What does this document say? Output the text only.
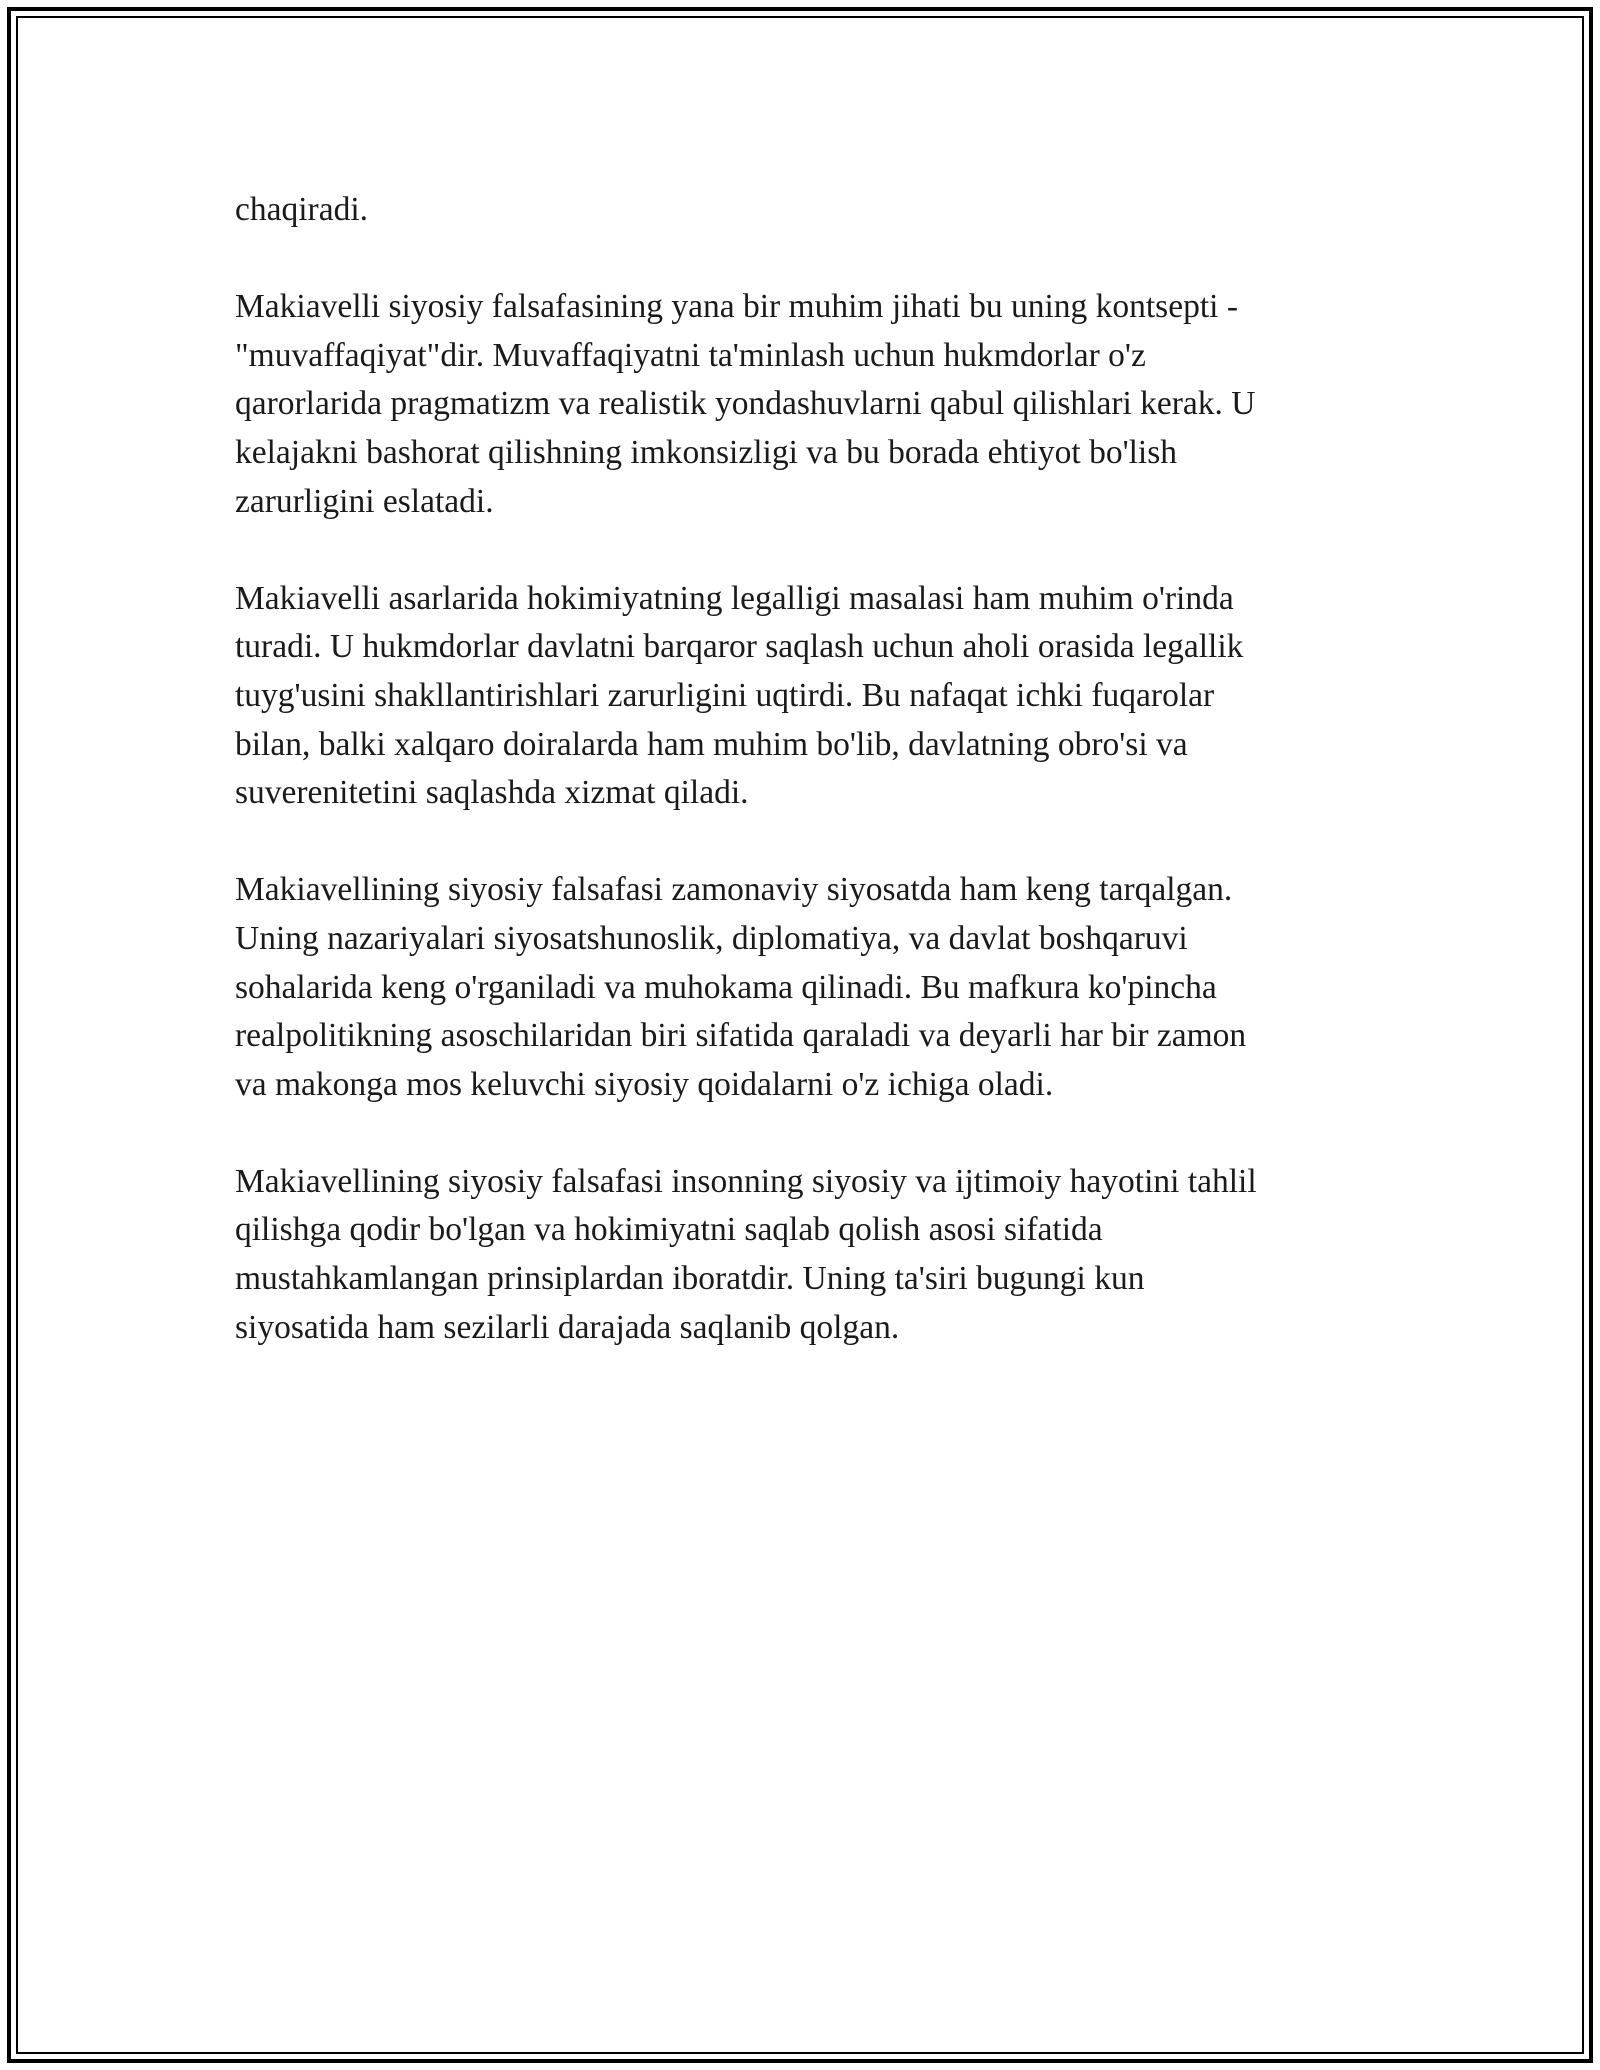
chaqiradi.

Makiavelli siyosiy falsafasining yana bir muhim jihati bu uning kontsepti -
"muvaffaqiyat"dir. Muvaffaqiyatni ta'minlash uchun hukmdorlar o'z
qarorlarida pragmatizm va realistik yondashuvlarni qabul qilishlari kerak. U
kelajakni bashorat qilishning imkonsizligi va bu borada ehtiyot bo'lish
zarurligini eslatadi.

Makiavelli asarlarida hokimiyatning legalligi masalasi ham muhim o'rinda
turadi. U hukmdorlar davlatni barqaror saqlash uchun aholi orasida legallik
tuyg'usini shakllantirishlari zarurligini uqtirdi. Bu nafaqat ichki fuqarolar
bilan, balki xalqaro doiralarda ham muhim bo'lib, davlatning obro'si va
suverenitetini saqlashda xizmat qiladi.

Makiavellining siyosiy falsafasi zamonaviy siyosatda ham keng tarqalgan.
Uning nazariyalari siyosatshunoslik, diplomatiya, va davlat boshqaruvi
sohalarida keng o'rganiladi va muhokama qilinadi. Bu mafkura ko'pincha
realpolitikning asoschilaridan biri sifatida qaraladi va deyarli har bir zamon
va makonga mos keluvchi siyosiy qoidalarni o'z ichiga oladi.

Makiavellining siyosiy falsafasi insonning siyosiy va ijtimoiy hayotini tahlil
qilishga qodir bo'lgan va hokimiyatni saqlab qolish asosi sifatida
mustahkamlangan prinsiplardan iboratdir. Uning ta'siri bugungi kun
siyosatida ham sezilarli darajada saqlanib qolgan.
